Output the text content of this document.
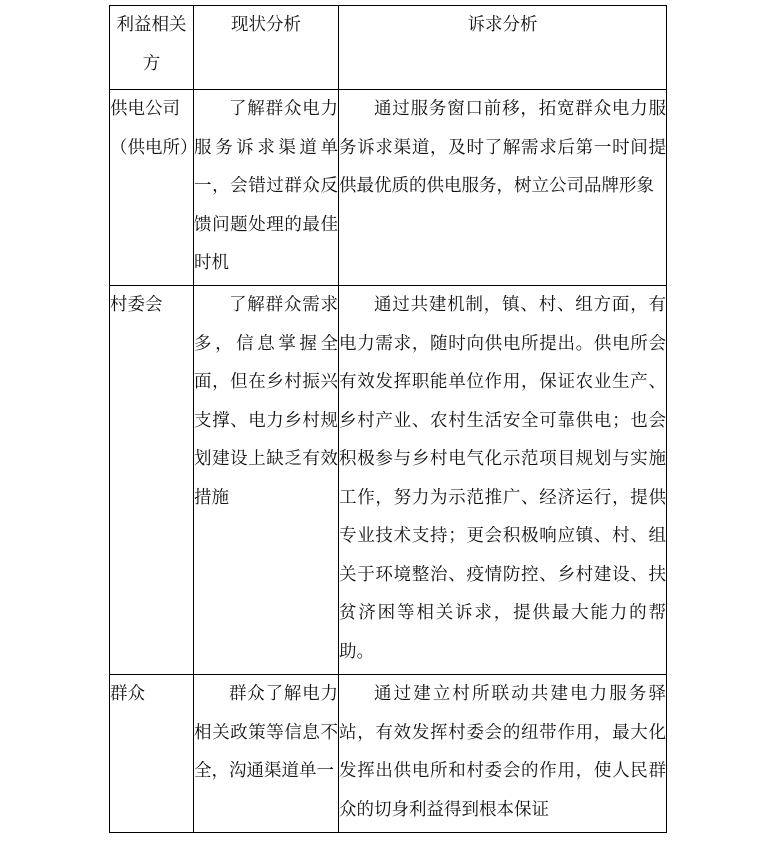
利益相关方	现状分析	诉求分析
供电公司（供电所）	了解群众电力服务诉求渠道单一，会错过群众反馈问题处理的最佳时机	通过服务窗口前移，拓宽群众电力服务诉求渠道，及时了解需求后第一时间提供最优质的供电服务，树立公司品牌形象

村委会	了解群众需求多，信息掌握全面，但在乡村振兴支撑、电力乡村规划建设上缺乏有效措施	通过共建机制，镇、村、组方面，有电力需求，随时向供电所提出。供电所会有效发挥职能单位作用，保证农业生产、乡村产业、农村生活安全可靠供电；也会积极参与乡村电气化示范项目规划与实施工作，努力为示范推广、经济运行，提供专业技术支持；更会积极响应镇、村、组关于环境整治、疫情防控、乡村建设、扶贫济困等相关诉求，提供最大能力的帮助。

群众	群众了解电力相关政策等信息不全，沟通渠道单一	通过建立村所联动共建电力服务驿站，有效发挥村委会的纽带作用，最大化发挥出供电所和村委会的作用，使人民群众的切身利益得到根本保证
